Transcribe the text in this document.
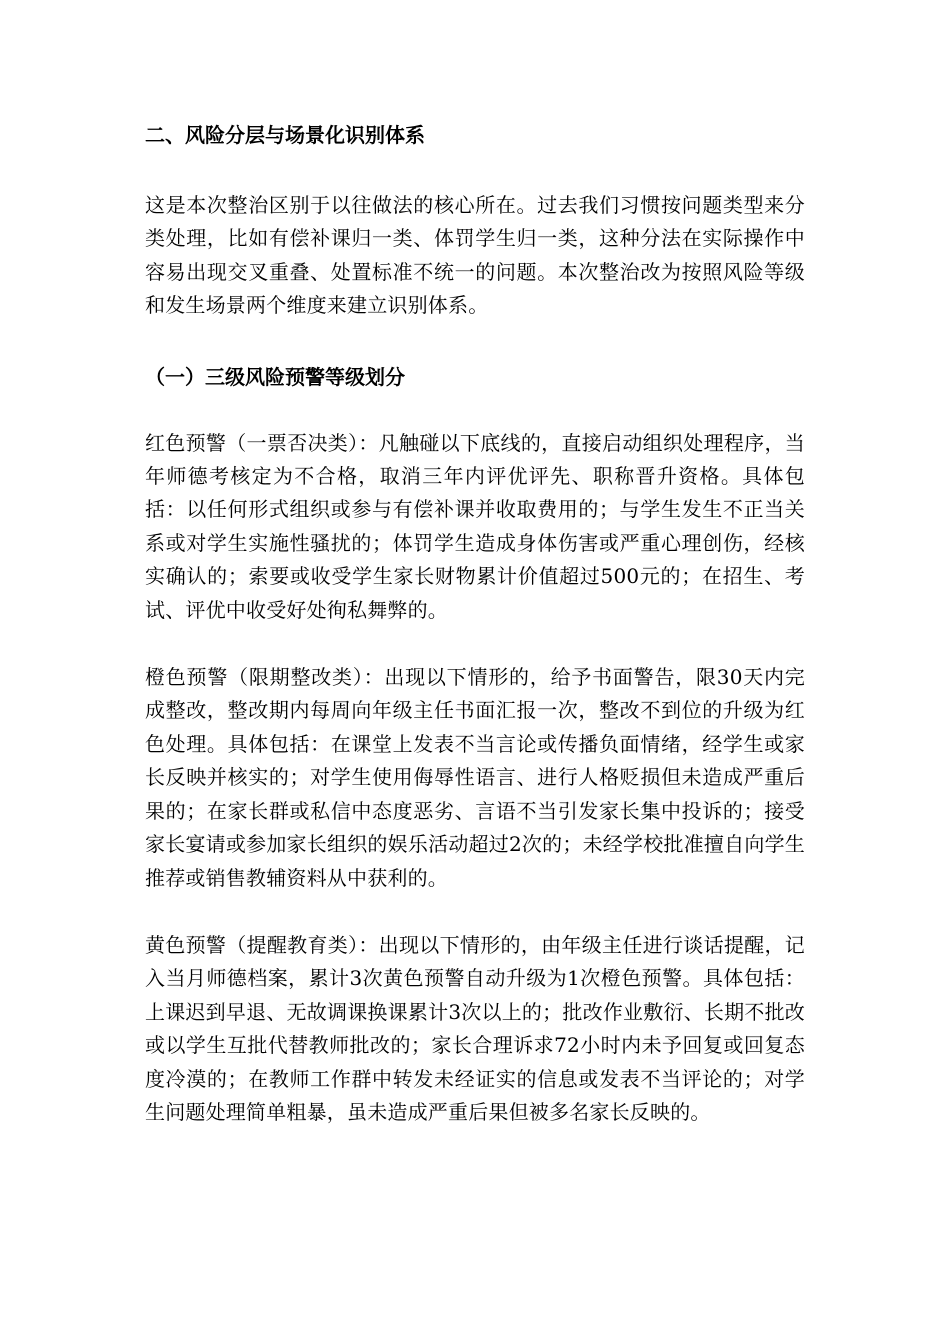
二、风险分层与场景化识别体系

这是本次整治区别于以往做法的核心所在。过去我们习惯按问题类型来分类处理，比如有偿补课归一类、体罚学生归一类，这种分法在实际操作中容易出现交叉重叠、处置标准不统一的问题。本次整治改为按照风险等级和发生场景两个维度来建立识别体系。

（一）三级风险预警等级划分

红色预警（一票否决类）：凡触碰以下底线的，直接启动组织处理程序，当年师德考核定为不合格，取消三年内评优评先、职称晋升资格。具体包括：以任何形式组织或参与有偿补课并收取费用的；与学生发生不正当关系或对学生实施性骚扰的；体罚学生造成身体伤害或严重心理创伤，经核实确认的；索要或收受学生家长财物累计价值超过500元的；在招生、考试、评优中收受好处徇私舞弊的。

橙色预警（限期整改类）：出现以下情形的，给予书面警告，限30天内完成整改，整改期内每周向年级主任书面汇报一次，整改不到位的升级为红色处理。具体包括：在课堂上发表不当言论或传播负面情绪，经学生或家长反映并核实的；对学生使用侮辱性语言、进行人格贬损但未造成严重后果的；在家长群或私信中态度恶劣、言语不当引发家长集中投诉的；接受家长宴请或参加家长组织的娱乐活动超过2次的；未经学校批准擅自向学生推荐或销售教辅资料从中获利的。

黄色预警（提醒教育类）：出现以下情形的，由年级主任进行谈话提醒，记入当月师德档案，累计3次黄色预警自动升级为1次橙色预警。具体包括：上课迟到早退、无故调课换课累计3次以上的；批改作业敷衍、长期不批改或以学生互批代替教师批改的；家长合理诉求72小时内未予回复或回复态度冷漠的；在教师工作群中转发未经证实的信息或发表不当评论的；对学生问题处理简单粗暴，虽未造成严重后果但被多名家长反映的。
